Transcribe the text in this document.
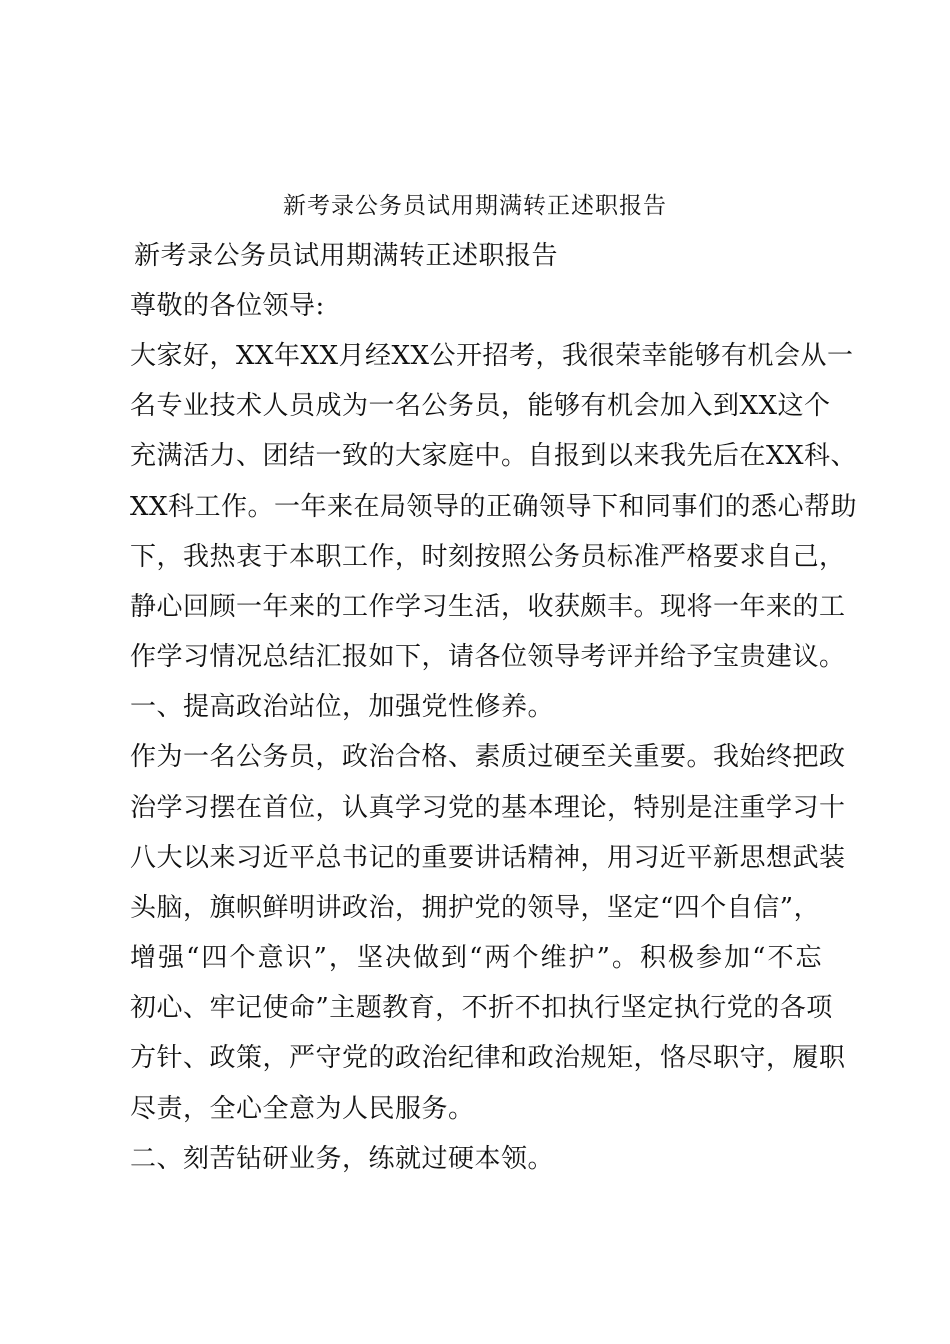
新考录公务员试用期满转正述职报告
新考录公务员试用期满转正述职报告
尊敬的各位领导:
大家好，XX年XX月经XX公开招考，我很荣幸能够有机会从一
名专业技术人员成为一名公务员，能够有机会加入到XX这个
充满活力、团结一致的大家庭中。自报到以来我先后在XX科、
XX科工作。一年来在局领导的正确领导下和同事们的悉心帮助
下，我热衷于本职工作，时刻按照公务员标准严格要求自己，
静心回顾一年来的工作学习生活，收获颇丰。现将一年来的工
作学习情况总结汇报如下，请各位领导考评并给予宝贵建议。
一、提高政治站位，加强党性修养。
作为一名公务员，政治合格、素质过硬至关重要。我始终把政
治学习摆在首位，认真学习党的基本理论，特别是注重学习十
八大以来习近平总书记的重要讲话精神，用习近平新思想武装
头脑，旗帜鲜明讲政治，拥护党的领导，坚定“四个自信”，
增强“四个意识”，坚决做到“两个维护”。积极参加“不忘
初心、牢记使命”主题教育，不折不扣执行坚定执行党的各项
方针、政策，严守党的政治纪律和政治规矩，恪尽职守，履职
尽责，全心全意为人民服务。
二、刻苦钻研业务，练就过硬本领。
